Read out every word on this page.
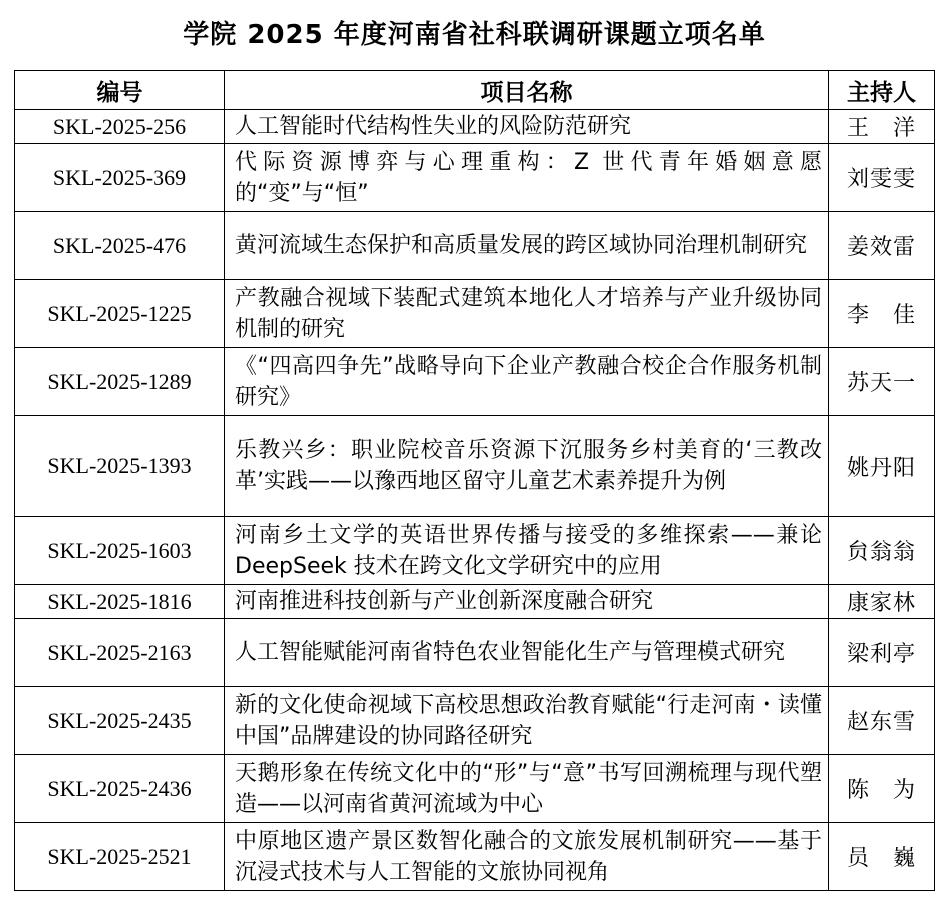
学院 2025 年度河南省社科联调研课题立项名单
编号	项目名称	主持人
SKL-2025-256	人工智能时代结构性失业的风险防范研究	王　洋
SKL-2025-369	代际资源博弈与心理重构：Z 世代青年婚姻意愿的“变”与“恒”	刘雯雯
SKL-2025-476	黄河流域生态保护和高质量发展的跨区域协同治理机制研究	姜效雷
SKL-2025-1225	产教融合视域下装配式建筑本地化人才培养与产业升级协同机制的研究	李　佳
SKL-2025-1289	《“四高四争先”战略导向下企业产教融合校企合作服务机制研究》	苏天一
SKL-2025-1393	乐教兴乡：职业院校音乐资源下沉服务乡村美育的‘三教改革’实践——以豫西地区留守儿童艺术素养提升为例	姚丹阳
SKL-2025-1603	河南乡土文学的英语世界传播与接受的多维探索——兼论 DeepSeek 技术在跨文化文学研究中的应用	贠翁翁
SKL-2025-1816	河南推进科技创新与产业创新深度融合研究	康家林
SKL-2025-2163	人工智能赋能河南省特色农业智能化生产与管理模式研究	梁利亭
SKL-2025-2435	新的文化使命视域下高校思想政治教育赋能“行走河南・读懂中国”品牌建设的协同路径研究	赵东雪
SKL-2025-2436	天鹅形象在传统文化中的“形”与“意”书写回溯梳理与现代塑造——以河南省黄河流域为中心	陈　为
SKL-2025-2521	中原地区遗产景区数智化融合的文旅发展机制研究——基于沉浸式技术与人工智能的文旅协同视角	员　巍
